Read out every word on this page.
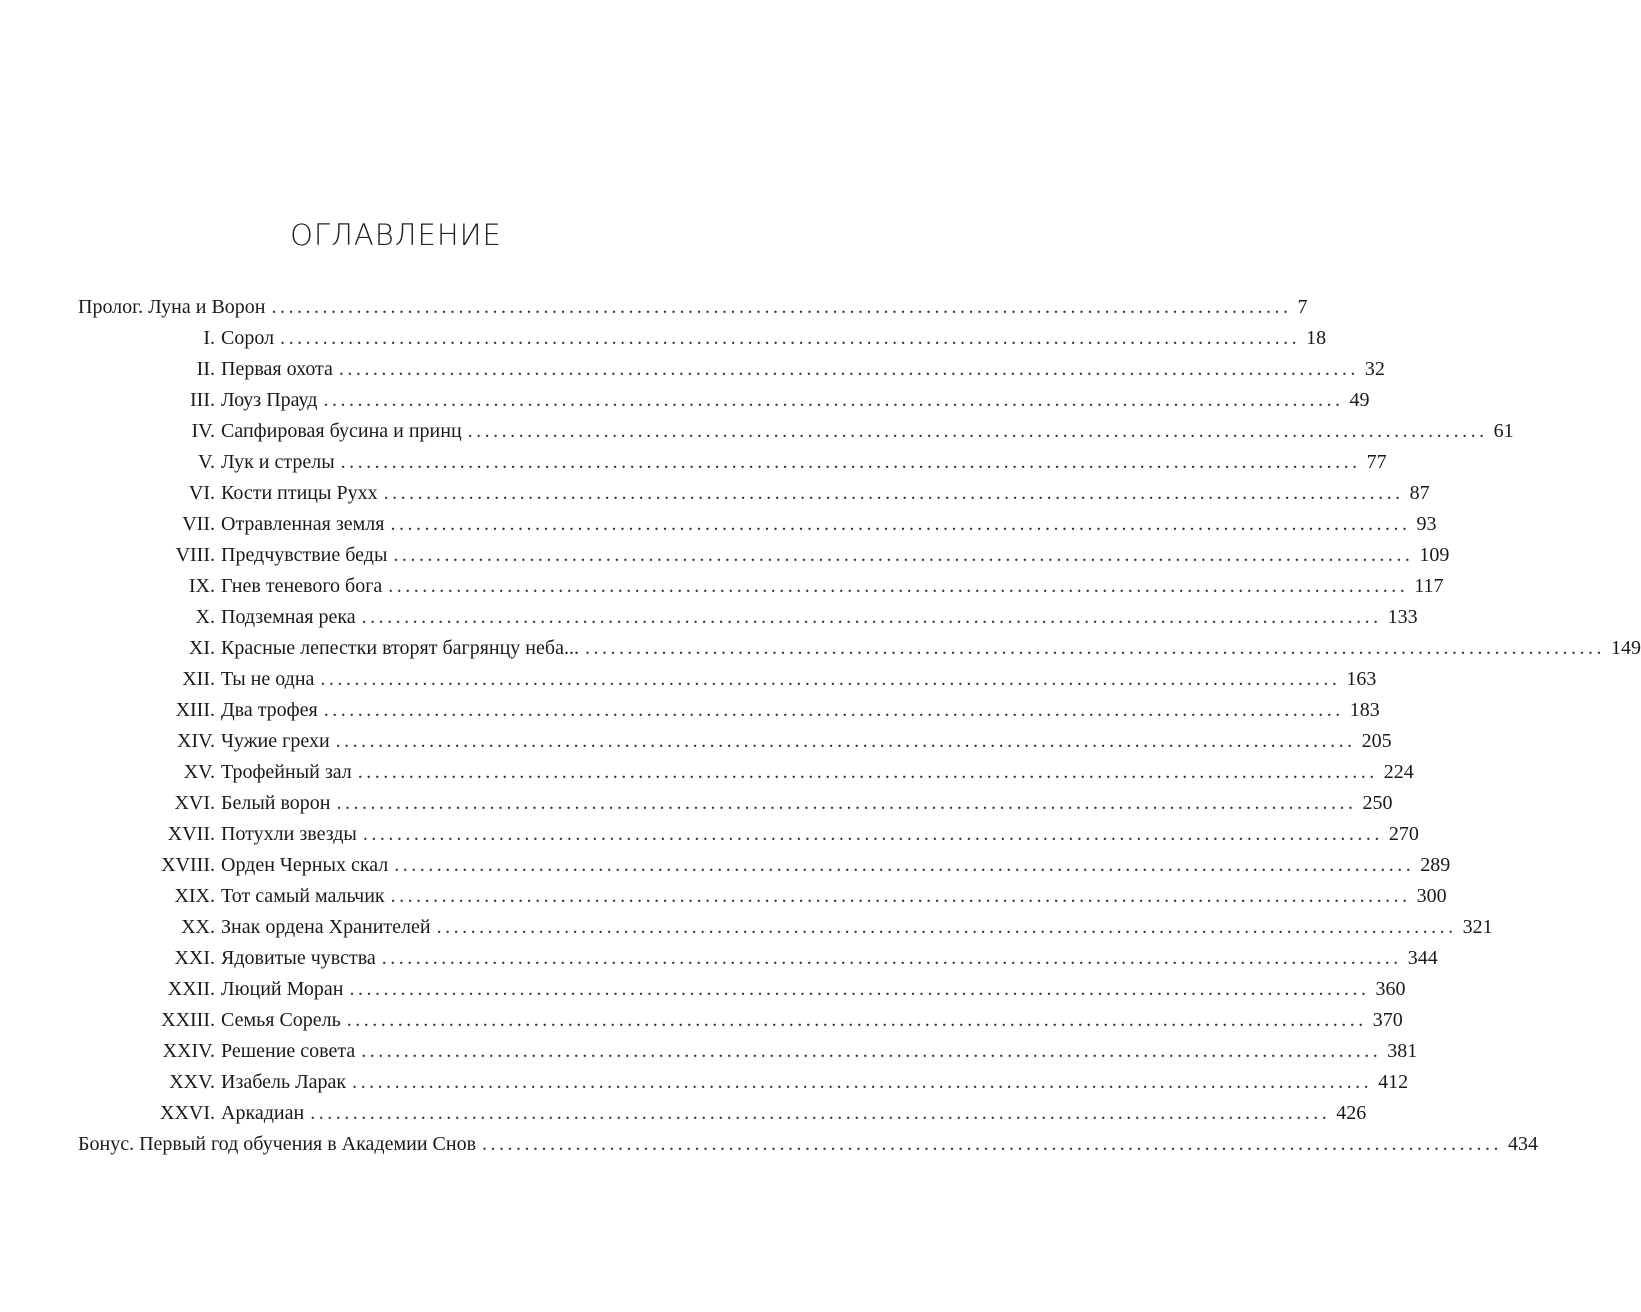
ОГЛАВЛЕНИЕ
Пролог. Луна и Ворон ........................................................................................................................ 7
I. Сорол ........................................................................................................................ 18
II. Первая охота ........................................................................................................................ 32
III. Лоуз Прауд ........................................................................................................................ 49
IV. Сапфировая бусина и принц ........................................................................................................................ 61
V. Лук и стрелы ........................................................................................................................ 77
VI. Кости птицы Рухх ........................................................................................................................ 87
VII. Отравленная земля ........................................................................................................................ 93
VIII. Предчувствие беды ........................................................................................................................ 109
IX. Гнев теневого бога ........................................................................................................................ 117
X. Подземная река ........................................................................................................................ 133
XI. Красные лепестки вторят багрянцу неба... ........................................................................................................................ 149
XII. Ты не одна ........................................................................................................................ 163
XIII. Два трофея ........................................................................................................................ 183
XIV. Чужие грехи ........................................................................................................................ 205
XV. Трофейный зал ........................................................................................................................ 224
XVI. Белый ворон ........................................................................................................................ 250
XVII. Потухли звезды ........................................................................................................................ 270
XVIII. Орден Черных скал ........................................................................................................................ 289
XIX. Тот самый мальчик ........................................................................................................................ 300
XX. Знак ордена Хранителей ........................................................................................................................ 321
XXI. Ядовитые чувства ........................................................................................................................ 344
XXII. Люций Моран ........................................................................................................................ 360
XXIII. Семья Сорель ........................................................................................................................ 370
XXIV. Решение совета ........................................................................................................................ 381
XXV. Изабель Ларак ........................................................................................................................ 412
XXVI. Аркадиан ........................................................................................................................ 426
Бонус. Первый год обучения в Академии Снов ........................................................................................................................ 434
